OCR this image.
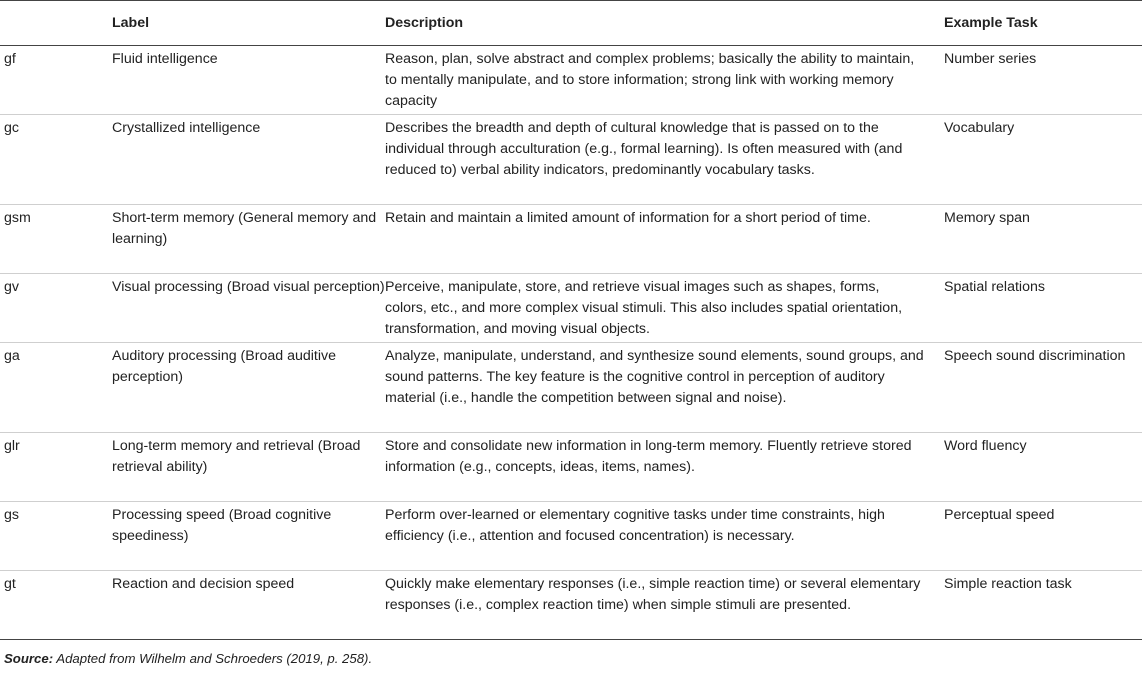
	Label	Description	Example Task
gf	Fluid intelligence	Reason, plan, solve abstract and complex problems; basically the ability to maintain, to mentally manipulate, and to store information; strong link with working memory capacity	Number series
gc	Crystallized intelligence	Describes the breadth and depth of cultural knowledge that is passed on to the individual through acculturation (e.g., formal learning). Is often measured with (and reduced to) verbal ability indicators, predominantly vocabulary tasks.	Vocabulary
gsm	Short-term memory (General memory and learning)	Retain and maintain a limited amount of information for a short period of time.	Memory span
gv	Visual processing (Broad visual perception)	Perceive, manipulate, store, and retrieve visual images such as shapes, forms, colors, etc., and more complex visual stimuli. This also includes spatial orientation, transformation, and moving visual objects.	Spatial relations
ga	Auditory processing (Broad auditive perception)	Analyze, manipulate, understand, and synthesize sound elements, sound groups, and sound patterns. The key feature is the cognitive control in perception of auditory material (i.e., handle the competition between signal and noise).	Speech sound discrimination
glr	Long-term memory and retrieval (Broad retrieval ability)	Store and consolidate new information in long-term memory. Fluently retrieve stored information (e.g., concepts, ideas, items, names).	Word fluency
gs	Processing speed (Broad cognitive speediness)	Perform over-learned or elementary cognitive tasks under time constraints, high efficiency (i.e., attention and focused concentration) is necessary.	Perceptual speed
gt	Reaction and decision speed	Quickly make elementary responses (i.e., simple reaction time) or several elementary responses (i.e., complex reaction time) when simple stimuli are presented.	Simple reaction task
Source: Adapted from Wilhelm and Schroeders (2019, p. 258).
